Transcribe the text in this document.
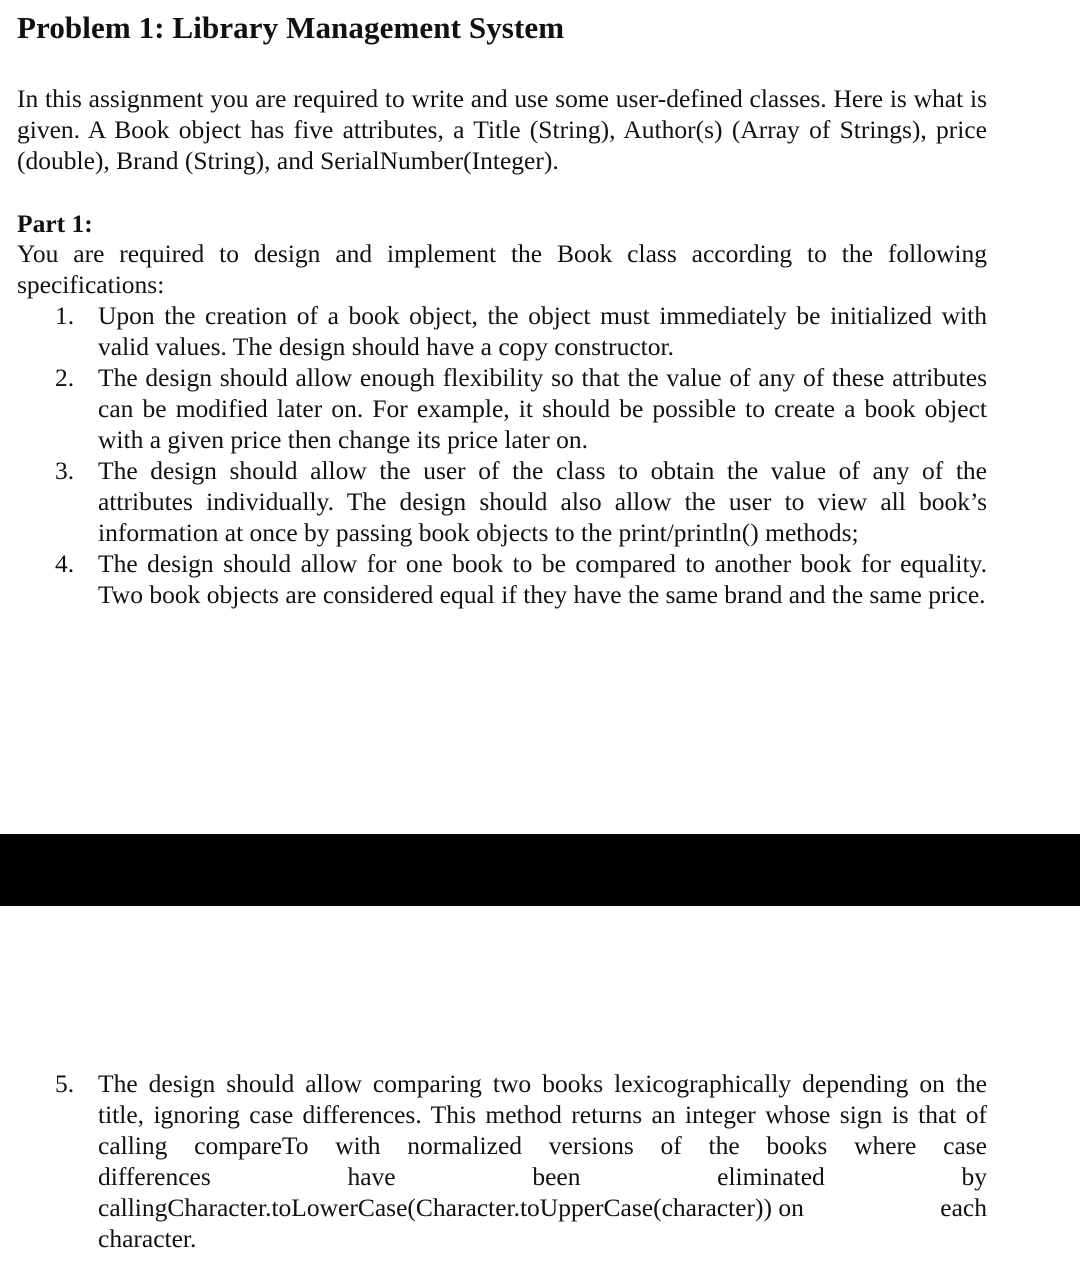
Problem 1: Library Management System
In this assignment you are required to write and use some user-defined classes. Here is what is given. A Book object has five attributes, a Title (String), Author(s) (Array of Strings), price (double), Brand (String), and SerialNumber(Integer).
Part 1:
You are required to design and implement the Book class according to the following specifications:
1. Upon the creation of a book object, the object must immediately be initialized with valid values. The design should have a copy constructor.
2. The design should allow enough flexibility so that the value of any of these attributes can be modified later on. For example, it should be possible to create a book object with a given price then change its price later on.
3. The design should allow the user of the class to obtain the value of any of the attributes individually. The design should also allow the user to view all book’s information at once by passing book objects to the print/println() methods;
4. The design should allow for one book to be compared to another book for equality. Two book objects are considered equal if they have the same brand and the same price.
5. The design should allow comparing two books lexicographically depending on the title, ignoring case differences. This method returns an integer whose sign is that of calling compareTo with normalized versions of the books where case
differences	have	been	eliminated	by
callingCharacter.toLowerCase(Character.toUpperCase(character)) on	each
character.
